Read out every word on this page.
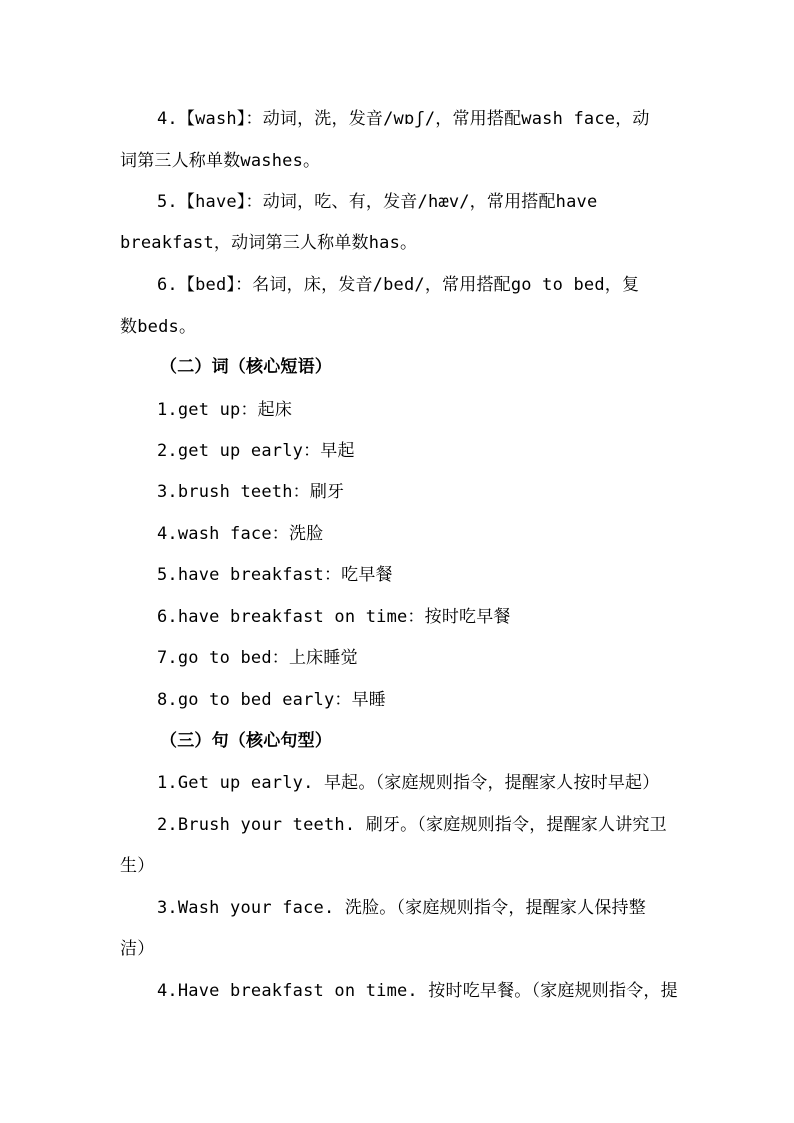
4.【wash】：动词，洗，发音/wɒʃ/，常用搭配wash face，动
词第三人称单数washes。
5.【have】：动词，吃、有，发音/hæv/，常用搭配have
breakfast，动词第三人称单数has。
6.【bed】：名词，床，发音/bed/，常用搭配go to bed，复
数beds。
（二）词（核心短语）
1.get up：起床
2.get up early：早起
3.brush teeth：刷牙
4.wash face：洗脸
5.have breakfast：吃早餐
6.have breakfast on time：按时吃早餐
7.go to bed：上床睡觉
8.go to bed early：早睡
（三）句（核心句型）
1.Get up early. 早起。（家庭规则指令，提醒家人按时早起）
2.Brush your teeth. 刷牙。（家庭规则指令，提醒家人讲究卫
生）
3.Wash your face. 洗脸。（家庭规则指令，提醒家人保持整
洁）
4.Have breakfast on time. 按时吃早餐。（家庭规则指令，提
